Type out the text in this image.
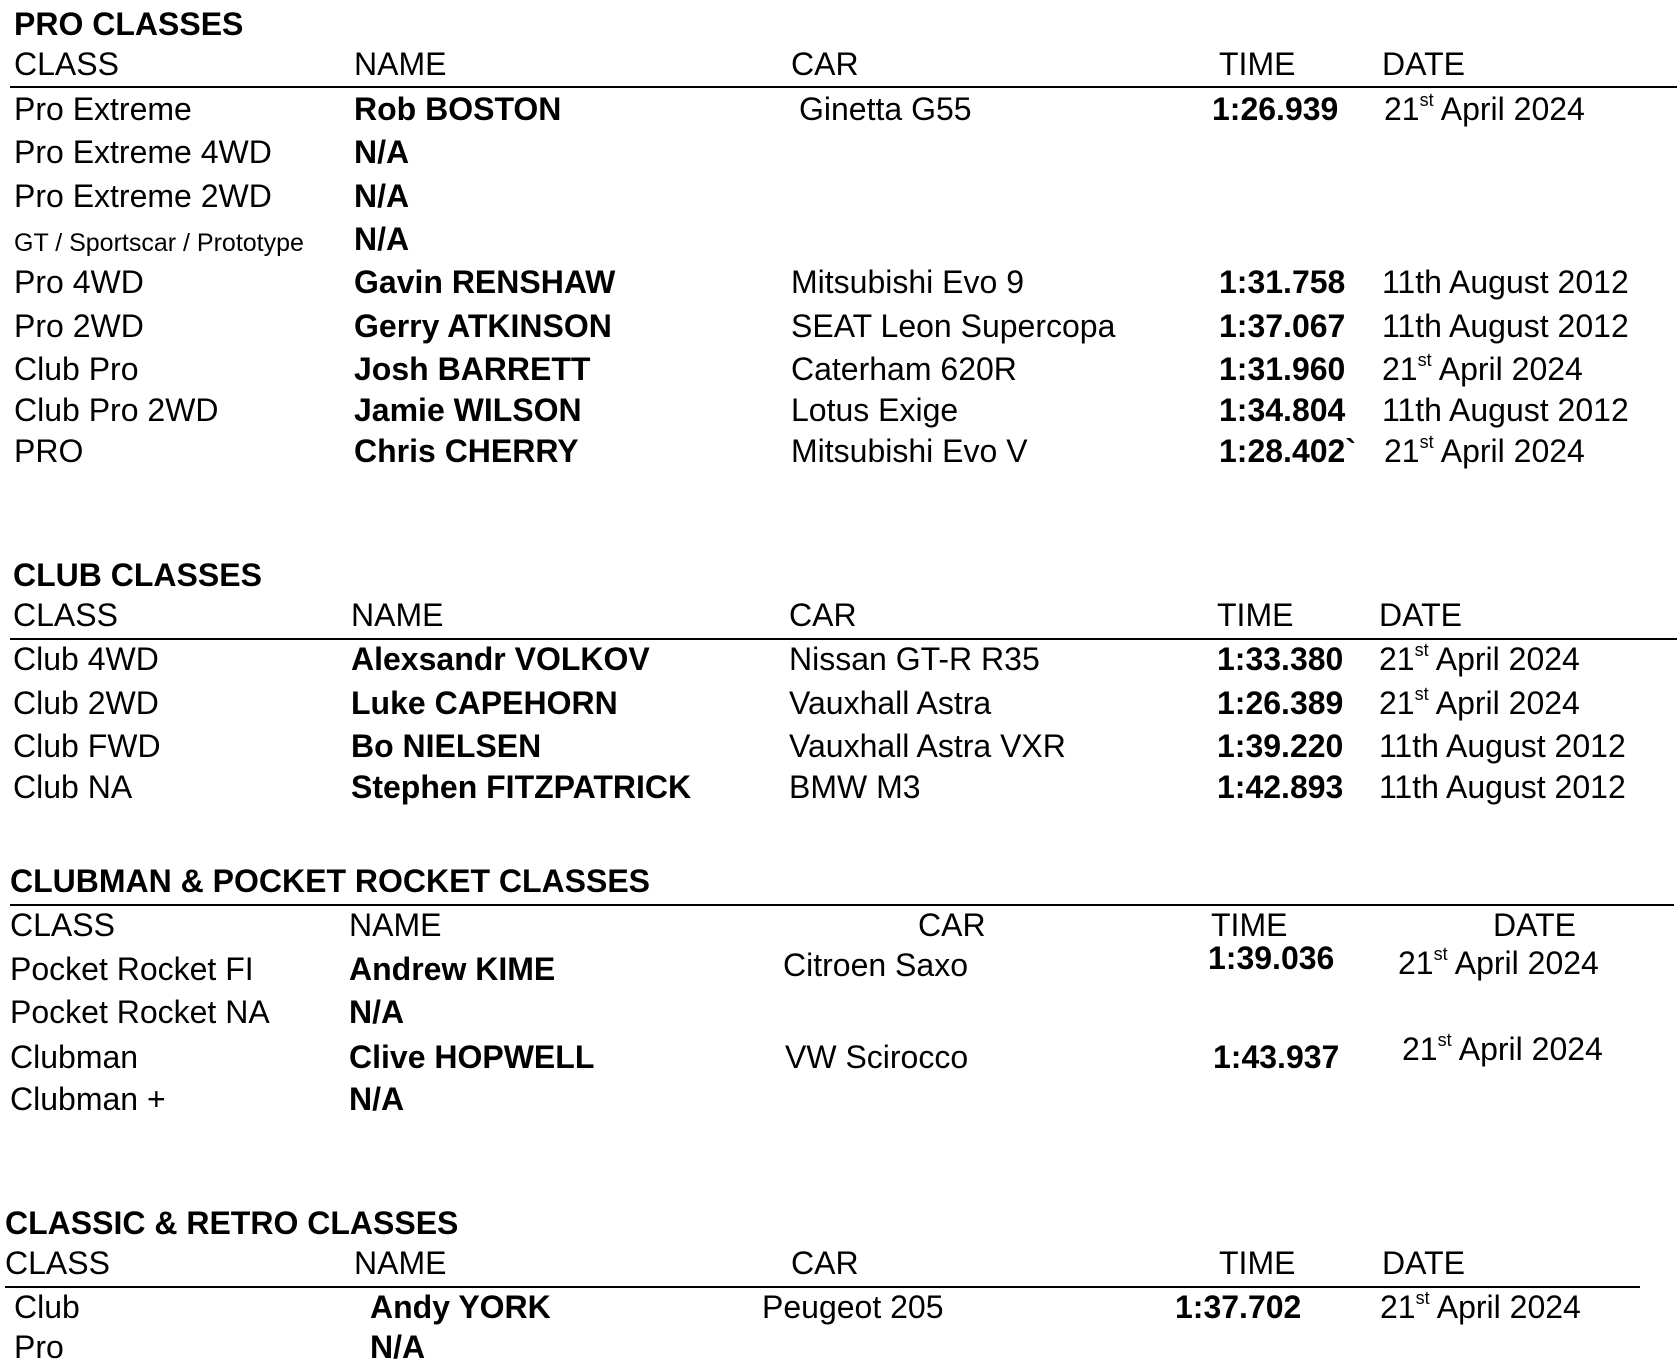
PRO CLASSES
CLASS	NAME	CAR	TIME	DATE
Pro Extreme	Rob BOSTON	Ginetta G55	1:26.939 21st April 2024
Pro Extreme 4WD	N/A
Pro Extreme 2WD	N/A
GT / Sportscar / Prototype N/A
Pro 4WD	Gavin RENSHAW	Mitsubishi Evo 9	1:31.758 11th August 2012
Pro 2WD	Gerry ATKINSON	SEAT Leon Supercopa	1:37.067 11th August 2012
Club Pro	Josh BARRETT	Caterham 620R	1:31.960 21st April 2024
Club Pro 2WD	Jamie WILSON	Lotus Exige	1:34.804 11th August 2012
PRO	Chris CHERRY	Mitsubishi Evo V	1:28.402` 21st April 2024
CLUB CLASSES
CLASS	NAME	CAR	TIME	DATE
Club 4WD	Alexsandr VOLKOV	Nissan GT-R R35	1:33.380 21st April 2024
Club 2WD	Luke CAPEHORN	Vauxhall Astra	1:26.389 21st April 2024
Club FWD	Bo NIELSEN	Vauxhall Astra VXR	1:39.220 11th August 2012
Club NA	Stephen FITZPATRICK	BMW M3	1:42.893 11th August 2012
CLUBMAN & POCKET ROCKET CLASSES
CLASS	NAME	CAR	TIME	DATE
Pocket Rocket FI	Andrew KIME	Citroen Saxo	1:39.036 21st April 2024
Pocket Rocket NA N/A
Clubman	Clive HOPWELL	VW Scirocco	1:43.937 21st April 2024
Clubman +	N/A
CLASSIC & RETRO CLASSES
CLASS	NAME	CAR	TIME	DATE
Club	Andy YORK	Peugeot 205	1:37.702 21st April 2024
Pro	N/A
